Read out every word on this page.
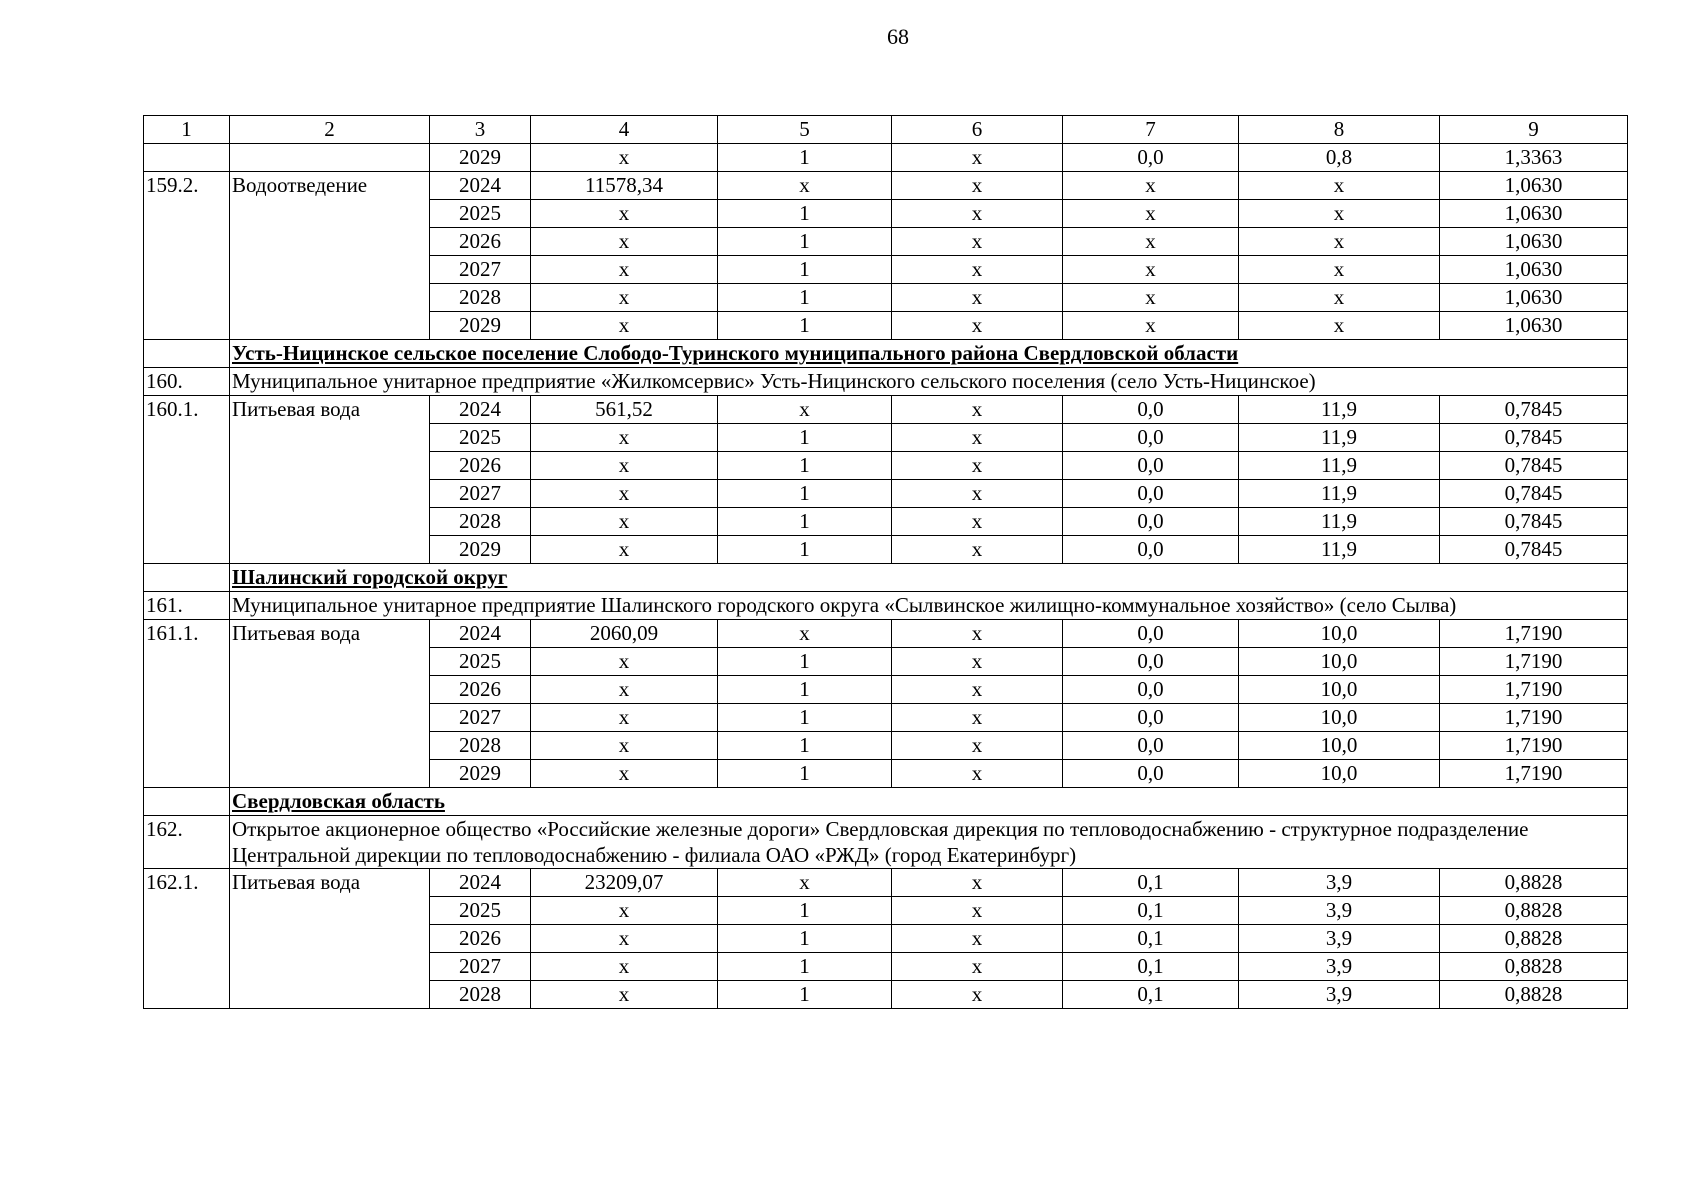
68
1	2	3	4	5	6	7	8	9
		2029	х	1	х	0,0	0,8	1,3363
159.2.	Водоотведение	2024	11578,34	х	х	х	х	1,0630
		2025	х	1	х	х	х	1,0630
		2026	х	1	х	х	х	1,0630
		2027	х	1	х	х	х	1,0630
		2028	х	1	х	х	х	1,0630
		2029	х	1	х	х	х	1,0630
	Усть-Ницинское сельское поселение Слободо-Туринского муниципального района Свердловской области							
160.	Муниципальное унитарное предприятие «Жилкомсервис» Усть-Ницинского сельского поселения (село Усть-Ницинское)							
160.1.	Питьевая вода	2024	561,52	х	х	0,0	11,9	0,7845
		2025	х	1	х	0,0	11,9	0,7845
		2026	х	1	х	0,0	11,9	0,7845
		2027	х	1	х	0,0	11,9	0,7845
		2028	х	1	х	0,0	11,9	0,7845
		2029	х	1	х	0,0	11,9	0,7845
	Шалинский городской округ							
161.	Муниципальное унитарное предприятие Шалинского городского округа «Сылвинское жилищно-коммунальное хозяйство» (село Сылва)							
161.1.	Питьевая вода	2024	2060,09	х	х	0,0	10,0	1,7190
		2025	х	1	х	0,0	10,0	1,7190
		2026	х	1	х	0,0	10,0	1,7190
		2027	х	1	х	0,0	10,0	1,7190
		2028	х	1	х	0,0	10,0	1,7190
		2029	х	1	х	0,0	10,0	1,7190
	Свердловская область							
162.	Открытое акционерное общество «Российские железные дороги» Свердловская дирекция по тепловодоснабжению - структурное подразделение Центральной дирекции по тепловодоснабжению - филиала ОАО «РЖД» (город Екатеринбург)							
162.1.	Питьевая вода	2024	23209,07	х	х	0,1	3,9	0,8828
		2025	х	1	х	0,1	3,9	0,8828
		2026	х	1	х	0,1	3,9	0,8828
		2027	х	1	х	0,1	3,9	0,8828
		2028	х	1	х	0,1	3,9	0,8828
